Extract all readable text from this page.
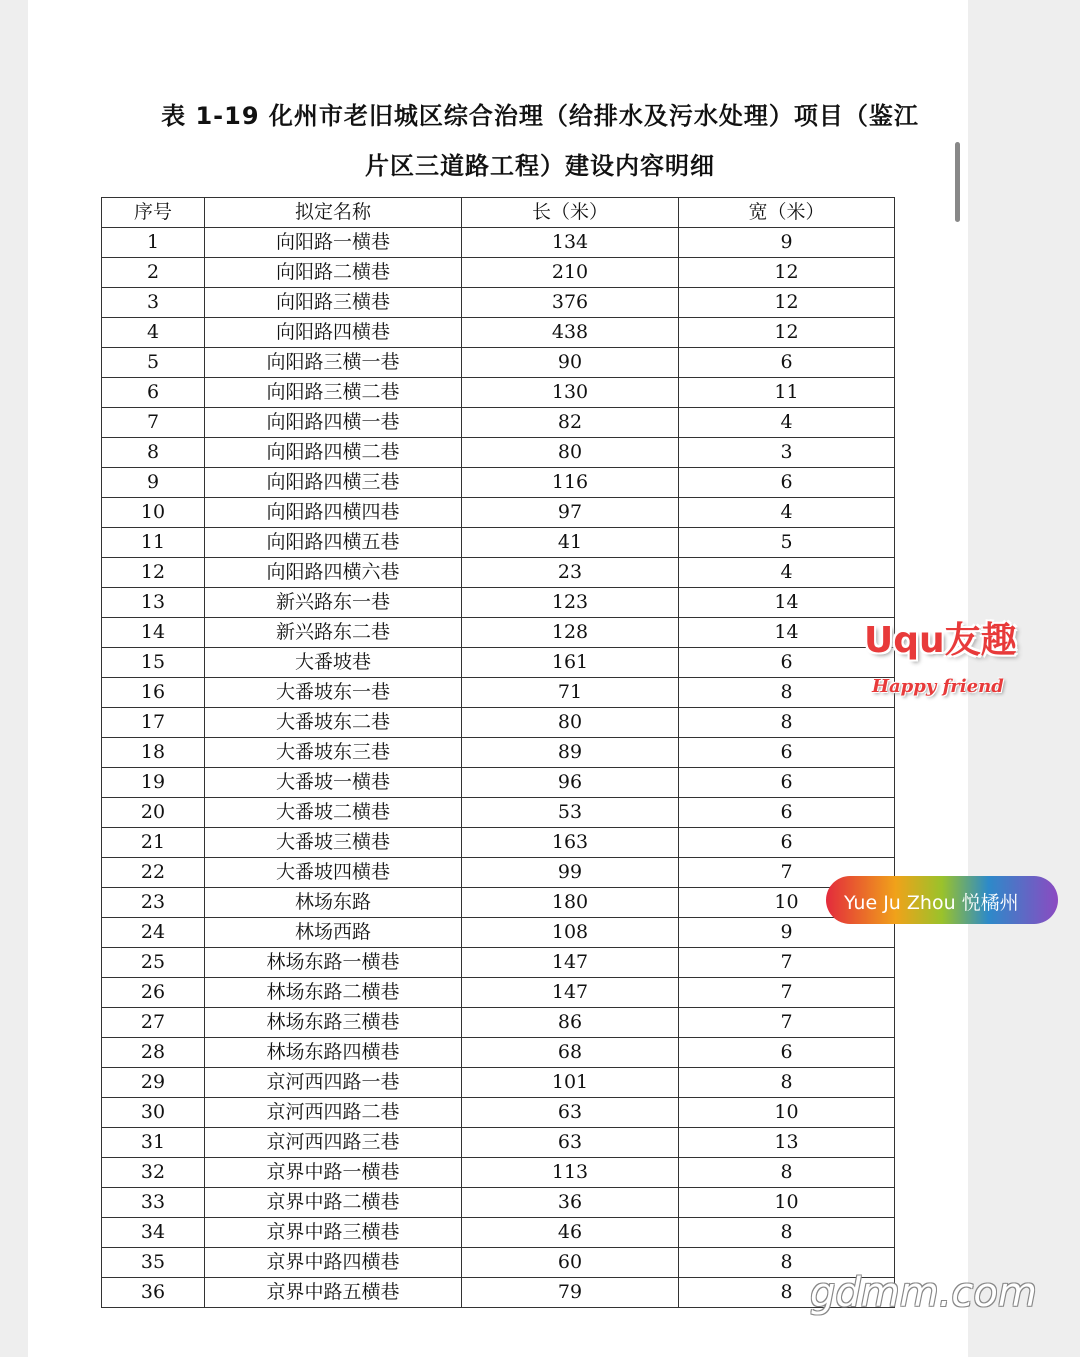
表 1-19 化州市老旧城区综合治理（给排水及污水处理）项目（鉴江
片区三道路工程）建设内容明细
序号	拟定名称	长（米）	宽（米）
1	向阳路一横巷	134	9
2	向阳路二横巷	210	12
3	向阳路三横巷	376	12
4	向阳路四横巷	438	12
5	向阳路三横一巷	90	6
6	向阳路三横二巷	130	11
7	向阳路四横一巷	82	4
8	向阳路四横二巷	80	3
9	向阳路四横三巷	116	6
10	向阳路四横四巷	97	4
11	向阳路四横五巷	41	5
12	向阳路四横六巷	23	4
13	新兴路东一巷	123	14
14	新兴路东二巷	128	14
15	大番坡巷	161	6
16	大番坡东一巷	71	8
17	大番坡东二巷	80	8
18	大番坡东三巷	89	6
19	大番坡一横巷	96	6
20	大番坡二横巷	53	6
21	大番坡三横巷	163	6
22	大番坡四横巷	99	7
23	林场东路	180	10
24	林场西路	108	9
25	林场东路一横巷	147	7
26	林场东路二横巷	147	7
27	林场东路三横巷	86	7
28	林场东路四横巷	68	6
29	京河西四路一巷	101	8
30	京河西四路二巷	63	10
31	京河西四路三巷	63	13
32	京界中路一横巷	113	8
33	京界中路二横巷	36	10
34	京界中路三横巷	46	8
35	京界中路四横巷	60	8
36	京界中路五横巷	79	8
Uqu友趣
Happy friend
Yue Ju Zhou 悦橘州
gdmm.com
